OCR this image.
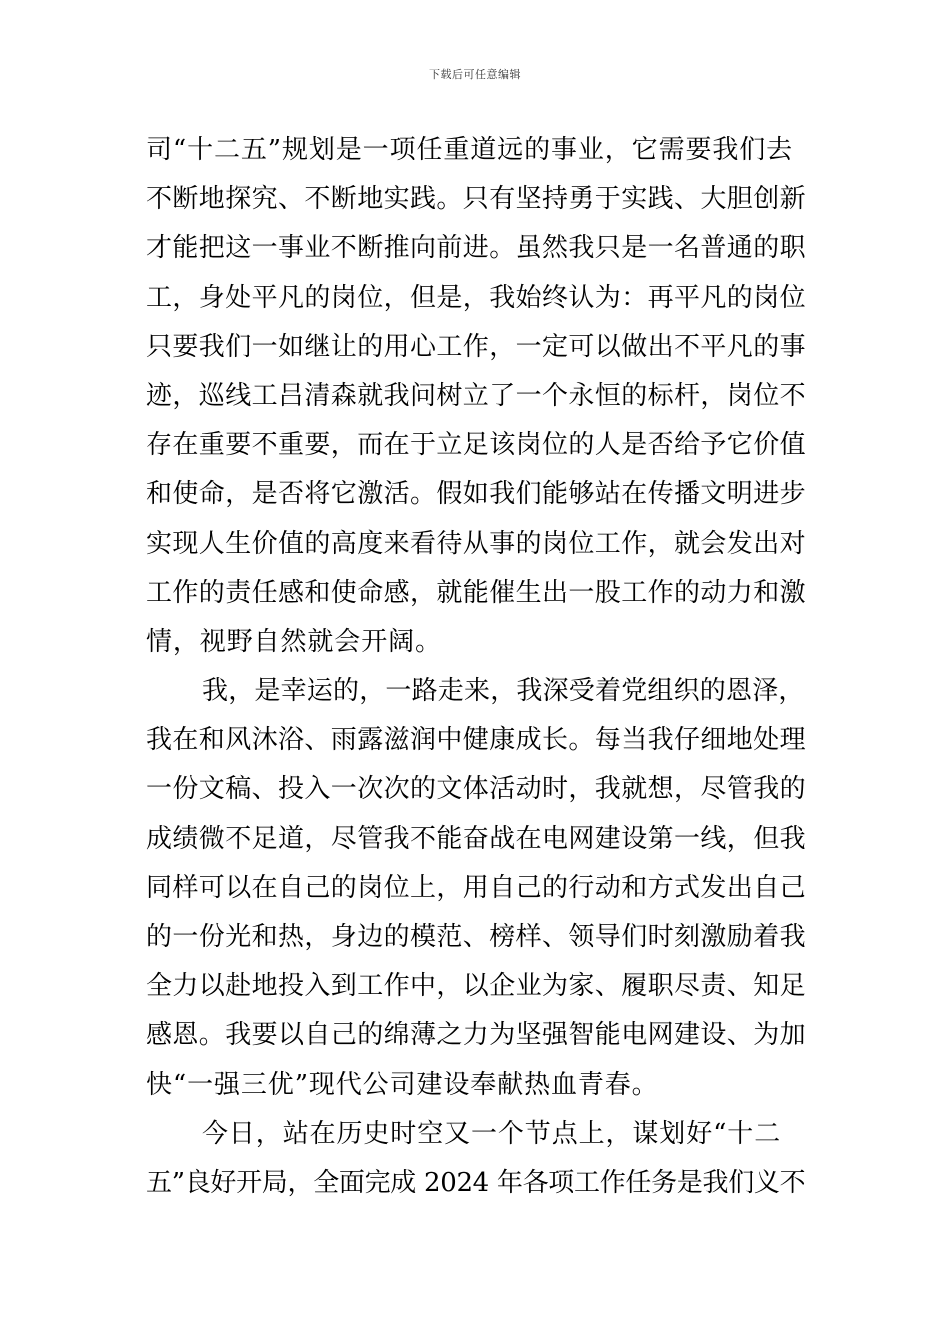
下载后可任意编辑
司“十二五”规划是一项任重道远的事业，它需要我们去
不断地探究、不断地实践。只有坚持勇于实践、大胆创新
才能把这一事业不断推向前进。虽然我只是一名普通的职
工，身处平凡的岗位，但是，我始终认为：再平凡的岗位
只要我们一如继让的用心工作，一定可以做出不平凡的事
迹，巡线工吕清森就我问树立了一个永恒的标杆，岗位不
存在重要不重要，而在于立足该岗位的人是否给予它价值
和使命，是否将它激活。假如我们能够站在传播文明进步
实现人生价值的高度来看待从事的岗位工作，就会发出对
工作的责任感和使命感，就能催生出一股工作的动力和激
情，视野自然就会开阔。
我，是幸运的，一路走来，我深受着党组织的恩泽，
我在和风沐浴、雨露滋润中健康成长。每当我仔细地处理
一份文稿、投入一次次的文体活动时，我就想，尽管我的
成绩微不足道，尽管我不能奋战在电网建设第一线，但我
同样可以在自己的岗位上，用自己的行动和方式发出自己
的一份光和热，身边的模范、榜样、领导们时刻激励着我
全力以赴地投入到工作中，以企业为家、履职尽责、知足
感恩。我要以自己的绵薄之力为坚强智能电网建设、为加
快“一强三优”现代公司建设奉献热血青春。
今日，站在历史时空又一个节点上，谋划好“十二
五”良好开局，全面完成 2024 年各项工作任务是我们义不
